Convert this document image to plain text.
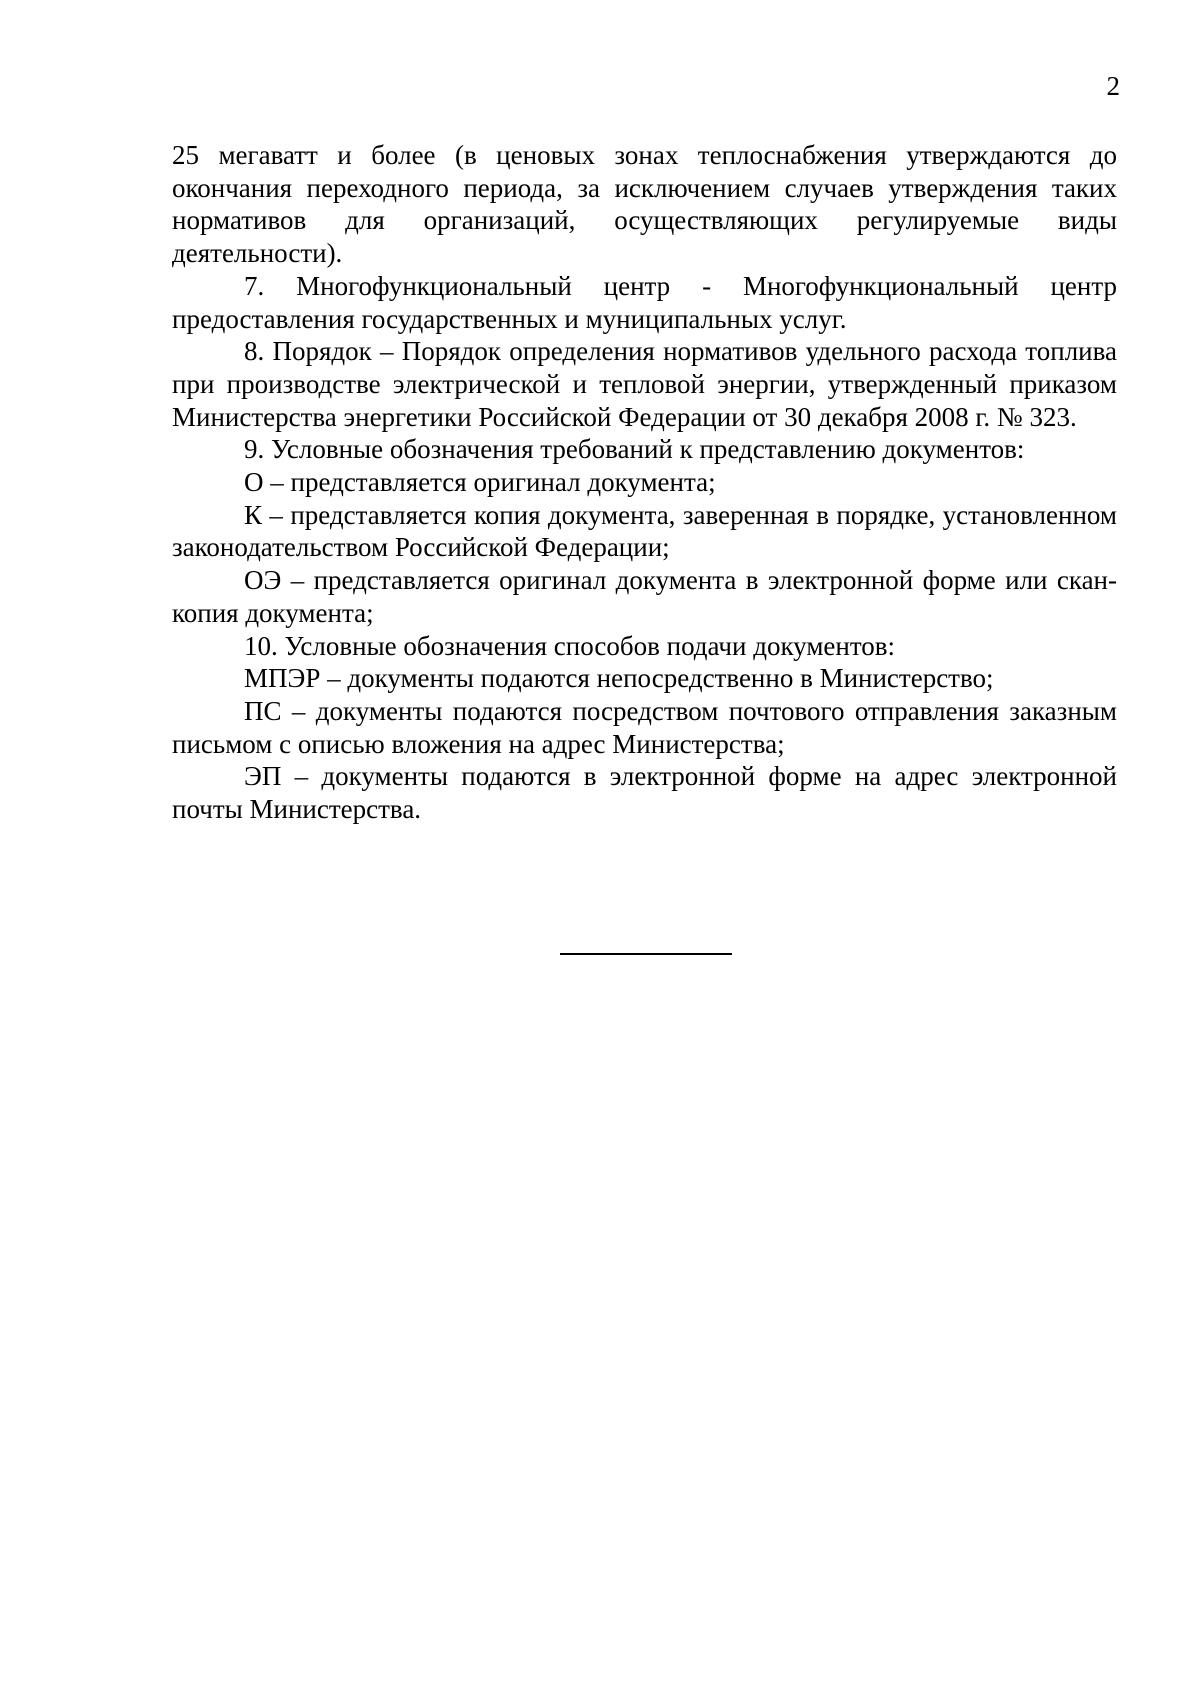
2

25 мегаватт и более (в ценовых зонах теплоснабжения утверждаются до окончания переходного периода, за исключением случаев утверждения таких нормативов для организаций, осуществляющих регулируемые виды деятельности).

7. Многофункциональный центр - Многофункциональный центр предоставления государственных и муниципальных услуг.

8. Порядок – Порядок определения нормативов удельного расхода топлива при производстве электрической и тепловой энергии, утвержденный приказом Министерства энергетики Российской Федерации от 30 декабря 2008 г. № 323.

9. Условные обозначения требований к представлению документов:

О – представляется оригинал документа;

К – представляется копия документа, заверенная в порядке, установленном законодательством Российской Федерации;

ОЭ – представляется оригинал документа в электронной форме или скан-копия документа;

10. Условные обозначения способов подачи документов:

МПЭР – документы подаются непосредственно в Министерство;

ПС – документы подаются посредством почтового отправления заказным письмом с описью вложения на адрес Министерства;

ЭП – документы подаются в электронной форме на адрес электронной почты Министерства.
